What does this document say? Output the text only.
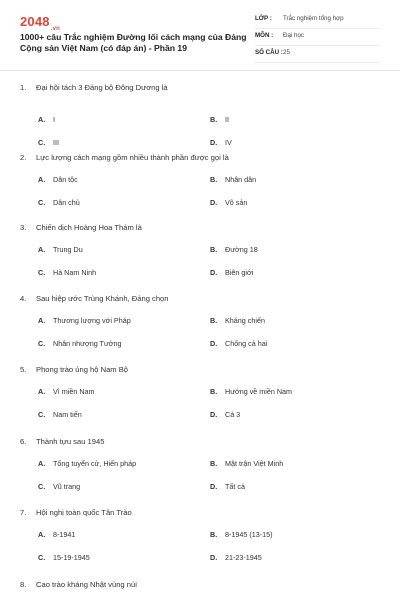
$2048_{.vn}$
1000+ câu Trắc nghiệm Đường lối cách mạng của Đảng Cộng sản Việt Nam (có đáp án) - Phần 19
LỚP : Trắc nghiệm tổng hợp
MÔN : Đại học
SỐ CÂU : 25
1. Đại hội tách 3 Đảng bộ Đông Dương là
A. I	B. II
C. III	D. IV
2. Lực lượng cách mạng gồm nhiều thành phần được gọi là
A. Dân tộc	B. Nhân dân
C. Dân chủ	D. Vô sản
3. Chiến dịch Hoàng Hoa Thám là
A. Trung Du	B. Đường 18
C. Hà Nam Ninh	D. Biên giới
4. Sau hiệp ước Trùng Khánh, Đảng chọn
A. Thương lượng với Pháp	B. Kháng chiến
C. Nhân nhượng Tưởng	D. Chống cả hai
5. Phong trào ủng hộ Nam Bộ
A. Vì miền Nam	B. Hướng về miền Nam
C. Nam tiến	D. Cả 3
6. Thành tựu sau 1945
A. Tổng tuyển cử, Hiến pháp	B. Mặt trận Việt Minh
C. Vũ trang	D. Tất cả
7. Hội nghị toàn quốc Tân Trào
A. 8-1941	B. 8-1945 (13-15)
C. 15-19-1945	D. 21-23-1945
8. Cao trào kháng Nhật vùng núi
